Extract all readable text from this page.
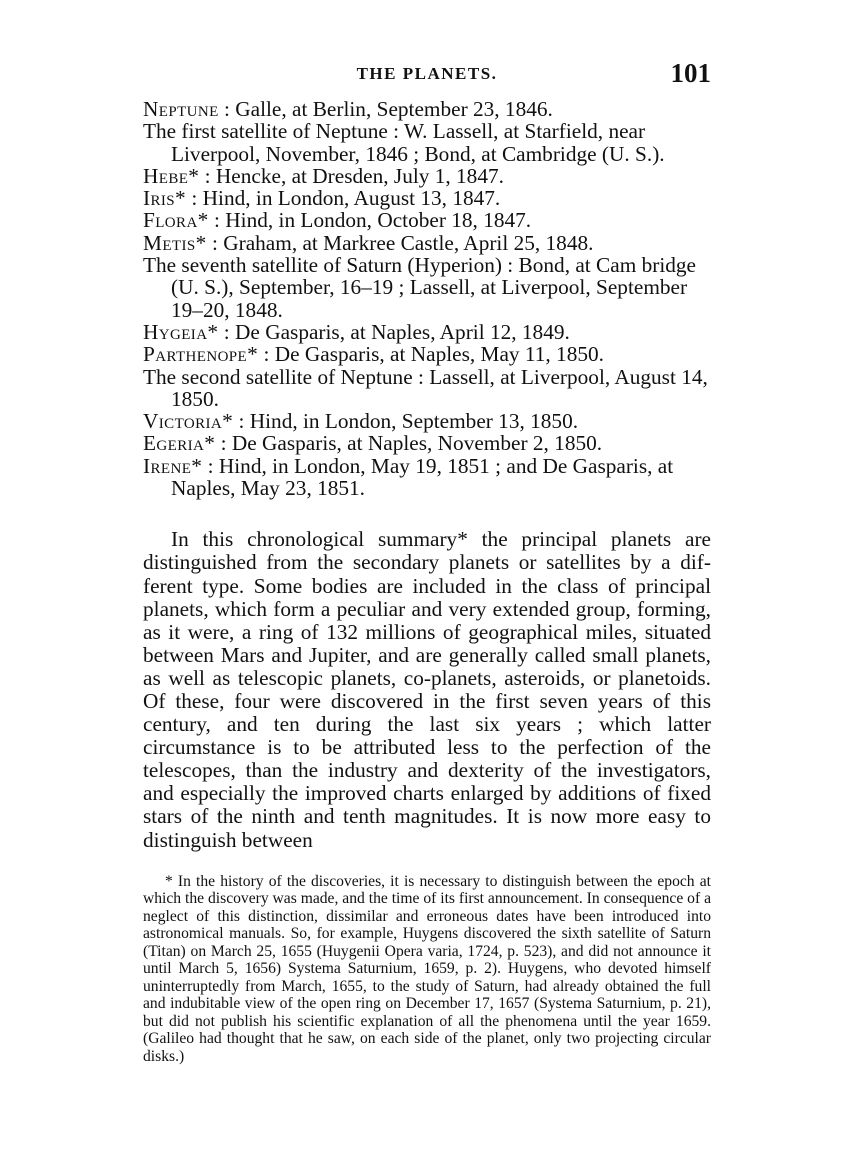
THE PLANETS.	101

Neptune : Galle, at Berlin, September 23, 1846.

The first satellite of Neptune : W. Lassell, at Starfield, near Liverpool, November, 1846 ; Bond, at Cambridge (U. S.).

Hebe* : Hencke, at Dresden, July 1, 1847.

Iris* : Hind, in London, August 13, 1847.

Flora* : Hind, in London, October 18, 1847.

Metis* : Graham, at Markree Castle, April 25, 1848.

The seventh satellite of Saturn (Hyperion) : Bond, at Cam bridge (U. S.), September, 16–19 ; Lassell, at Liverpool, September 19–20, 1848.

Hygeia* : De Gasparis, at Naples, April 12, 1849.

Parthenope* : De Gasparis, at Naples, May 11, 1850.

The second satellite of Neptune : Lassell, at Liverpool, August 14, 1850.

Victoria* : Hind, in London, September 13, 1850.

Egeria* : De Gasparis, at Naples, November 2, 1850.

Irene* : Hind, in London, May 19, 1851 ; and De Gasparis, at Naples, May 23, 1851.

In this chronological summary* the principal planets are distinguished from the secondary planets or satellites by a different type. Some bodies are included in the class of principal planets, which form a peculiar and very extended group, forming, as it were, a ring of 132 millions of geographical miles, situated between Mars and Jupiter, and are generally called small planets, as well as telescopic planets, co-planets, asteroids, or planetoids. Of these, four were discovered in the first seven years of this century, and ten during the last six years ; which latter circumstance is to be attributed less to the perfection of the telescopes, than the industry and dexterity of the investigators, and especially the improved charts enlarged by additions of fixed stars of the ninth and tenth magnitudes. It is now more easy to distinguish between

* In the history of the discoveries, it is necessary to distinguish between the epoch at which the discovery was made, and the time of its first announcement. In consequence of a neglect of this distinction, dissimilar and erroneous dates have been introduced into astronomical manuals. So, for example, Huygens discovered the sixth satellite of Saturn (Titan) on March 25, 1655 (Huygenii Opera varia, 1724, p. 523), and did not announce it until March 5, 1656) Systema Saturnium, 1659, p. 2). Huygens, who devoted himself uninterruptedly from March, 1655, to the study of Saturn, had already obtained the full and indubitable view of the open ring on December 17, 1657 (Systema Saturnium, p. 21), but did not publish his scientific explanation of all the phenomena until the year 1659. (Galileo had thought that he saw, on each side of the planet, only two projecting circular disks.)
